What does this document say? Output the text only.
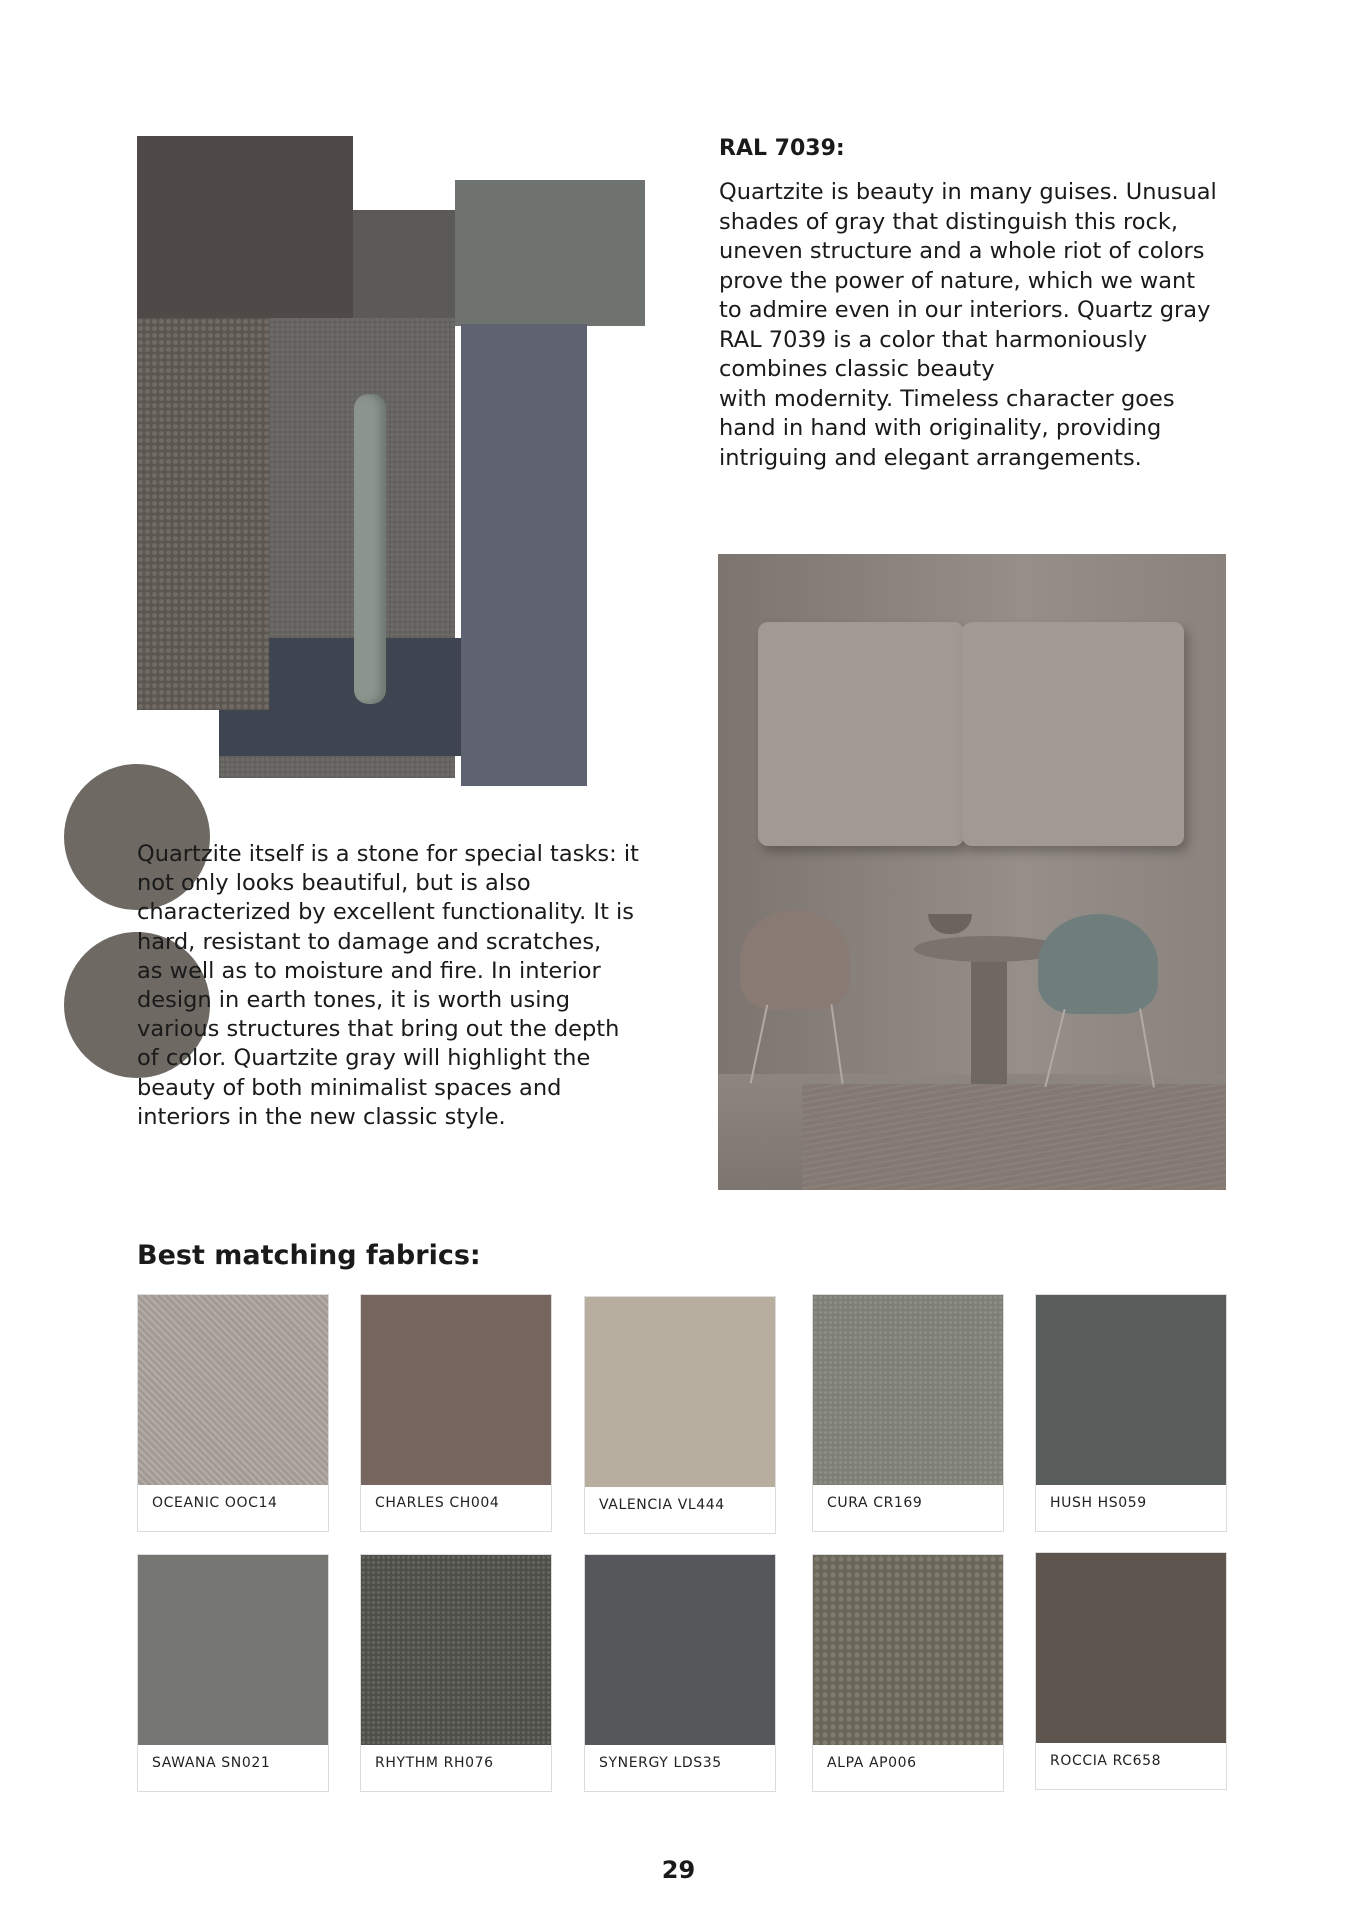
RAL 7039:
Quartzite is beauty in many guises. Unusual
shades of gray that distinguish this rock,
uneven structure and a whole riot of colors
prove the power of nature, which we want
to admire even in our interiors. Quartz gray
RAL 7039 is a color that harmoniously
combines classic beauty
with modernity. Timeless character goes
hand in hand with originality, providing
intriguing and elegant arrangements.
Quartzite itself is a stone for special tasks: it
not only looks beautiful, but is also
characterized by excellent functionality. It is
hard, resistant to damage and scratches,
as well as to moisture and fire. In interior
design in earth tones, it is worth using
various structures that bring out the depth
of color. Quartzite gray will highlight the
beauty of both minimalist spaces and
interiors in the new classic style.
Best matching fabrics:
OCEANIC OOC14	CHARLES CH004	VALENCIA VL444	CURA CR169	HUSH HS059
SAWANA SN021	RHYTHM RH076	SYNERGY LDS35	ALPA AP006	ROCCIA RC658
29
